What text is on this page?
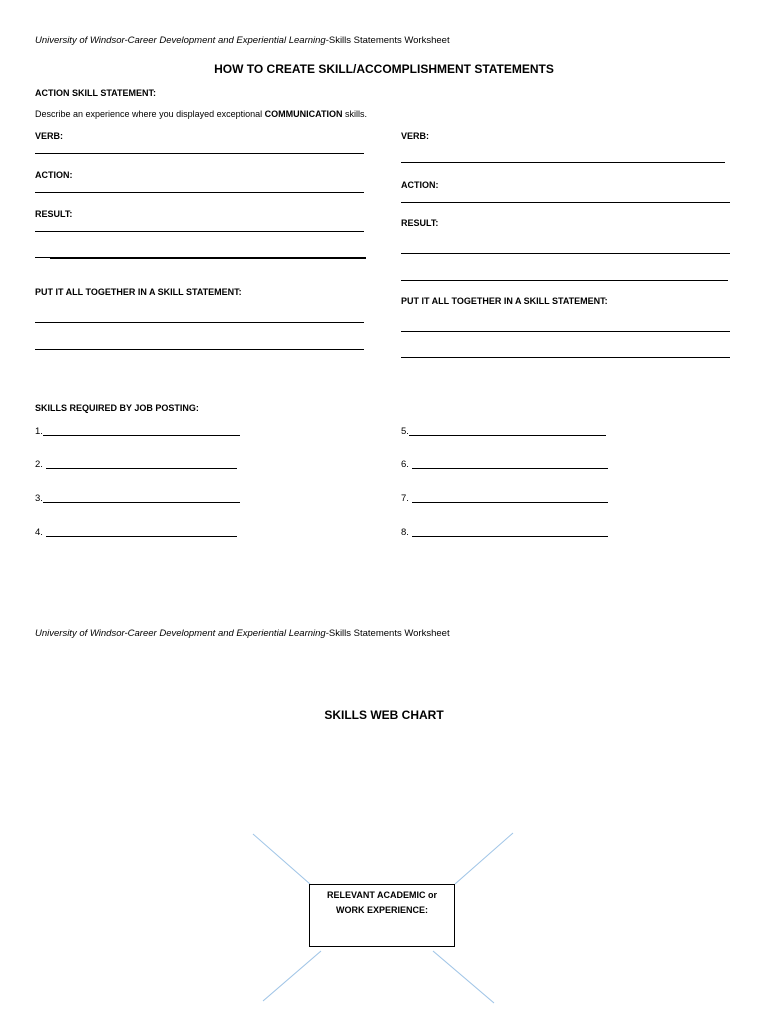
University of Windsor-Career Development and Experiential Learning-Skills Statements Worksheet
HOW TO CREATE SKILL/ACCOMPLISHMENT STATEMENTS
ACTION SKILL STATEMENT:
Describe an experience where you displayed exceptional COMMUNICATION skills.
VERB:
ACTION:
RESULT:
PUT IT ALL TOGETHER IN A SKILL STATEMENT:
VERB:
ACTION:
RESULT:
PUT IT ALL TOGETHER IN A SKILL STATEMENT:
SKILLS REQUIRED BY JOB POSTING:
1.
2.
3.
4.
5.
6.
7.
8.
University of Windsor-Career Development and Experiential Learning-Skills Statements Worksheet
SKILLS WEB CHART
RELEVANT ACADEMIC or
WORK EXPERIENCE:
